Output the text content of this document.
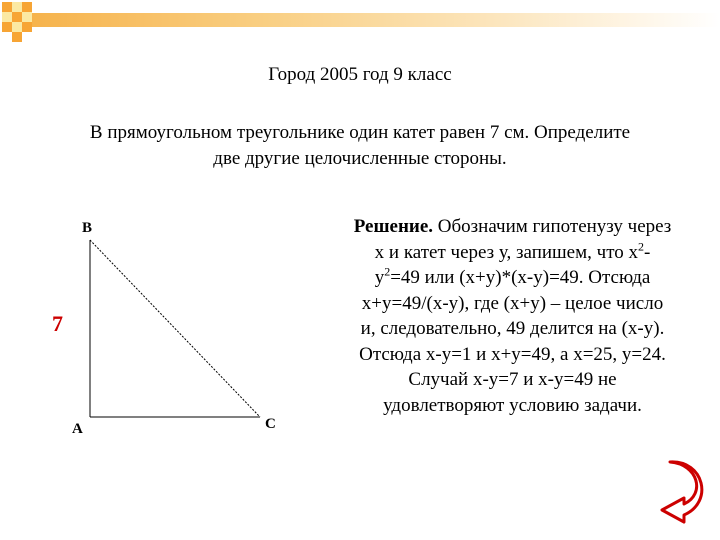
Город 2005 год 9 класс
В прямоугольном треугольнике один катет равен 7 см. Определите
две другие целочисленные стороны.
B
A	C
7
Решение. Обозначим гипотенузу через
х и катет через у, запишем, что $х^2-$
$у^2=49$ или (х+у)*(х-у)=49. Отсюда
х+у=49/(х-у), где (х+у) – целое число
и, следовательно, 49 делится на (х-у).
Отсюда х-у=1 и х+у=49, а х=25, у=24.
Случай х-у=7 и х-у=49 не
удовлетворяют условию задачи.
